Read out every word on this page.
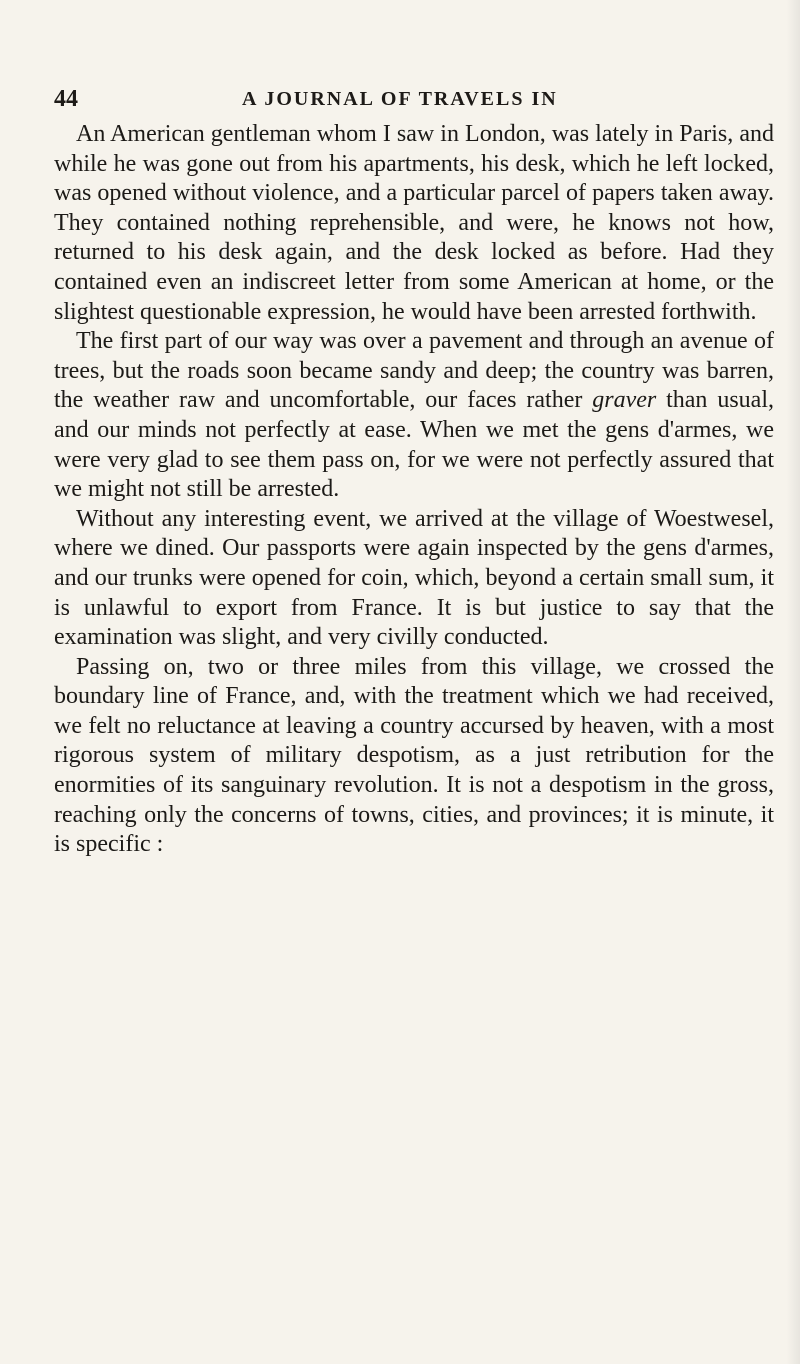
44	A JOURNAL OF TRAVELS IN

An American gentleman whom I saw in London, was lately in Paris, and while he was gone out from his apartments, his desk, which he left locked, was opened without violence, and a particular parcel of papers taken away. They contained nothing reprehensible, and were, he knows not how, returned to his desk again, and the desk locked as before. Had they contained even an indiscreet letter from some American at home, or the slightest questionable expression, he would have been arrested forthwith.

The first part of our way was over a pavement and through an avenue of trees, but the roads soon became sandy and deep; the country was barren, the weather raw and uncomfortable, our faces rather graver than usual, and our minds not perfectly at ease. When we met the gens d'armes, we were very glad to see them pass on, for we were not perfectly assured that we might not still be arrested.

Without any interesting event, we arrived at the village of Woestwesel, where we dined. Our passports were again inspected by the gens d'armes, and our trunks were opened for coin, which, beyond a certain small sum, it is unlawful to export from France. It is but justice to say that the examination was slight, and very civilly conducted.

Passing on, two or three miles from this village, we crossed the boundary line of France, and, with the treatment which we had received, we felt no reluctance at leaving a country accursed by heaven, with a most rigorous system of military despotism, as a just retribution for the enormities of its sanguinary revolution. It is not a despotism in the gross, reaching only the concerns of towns, cities, and provinces; it is minute, it is specific :
